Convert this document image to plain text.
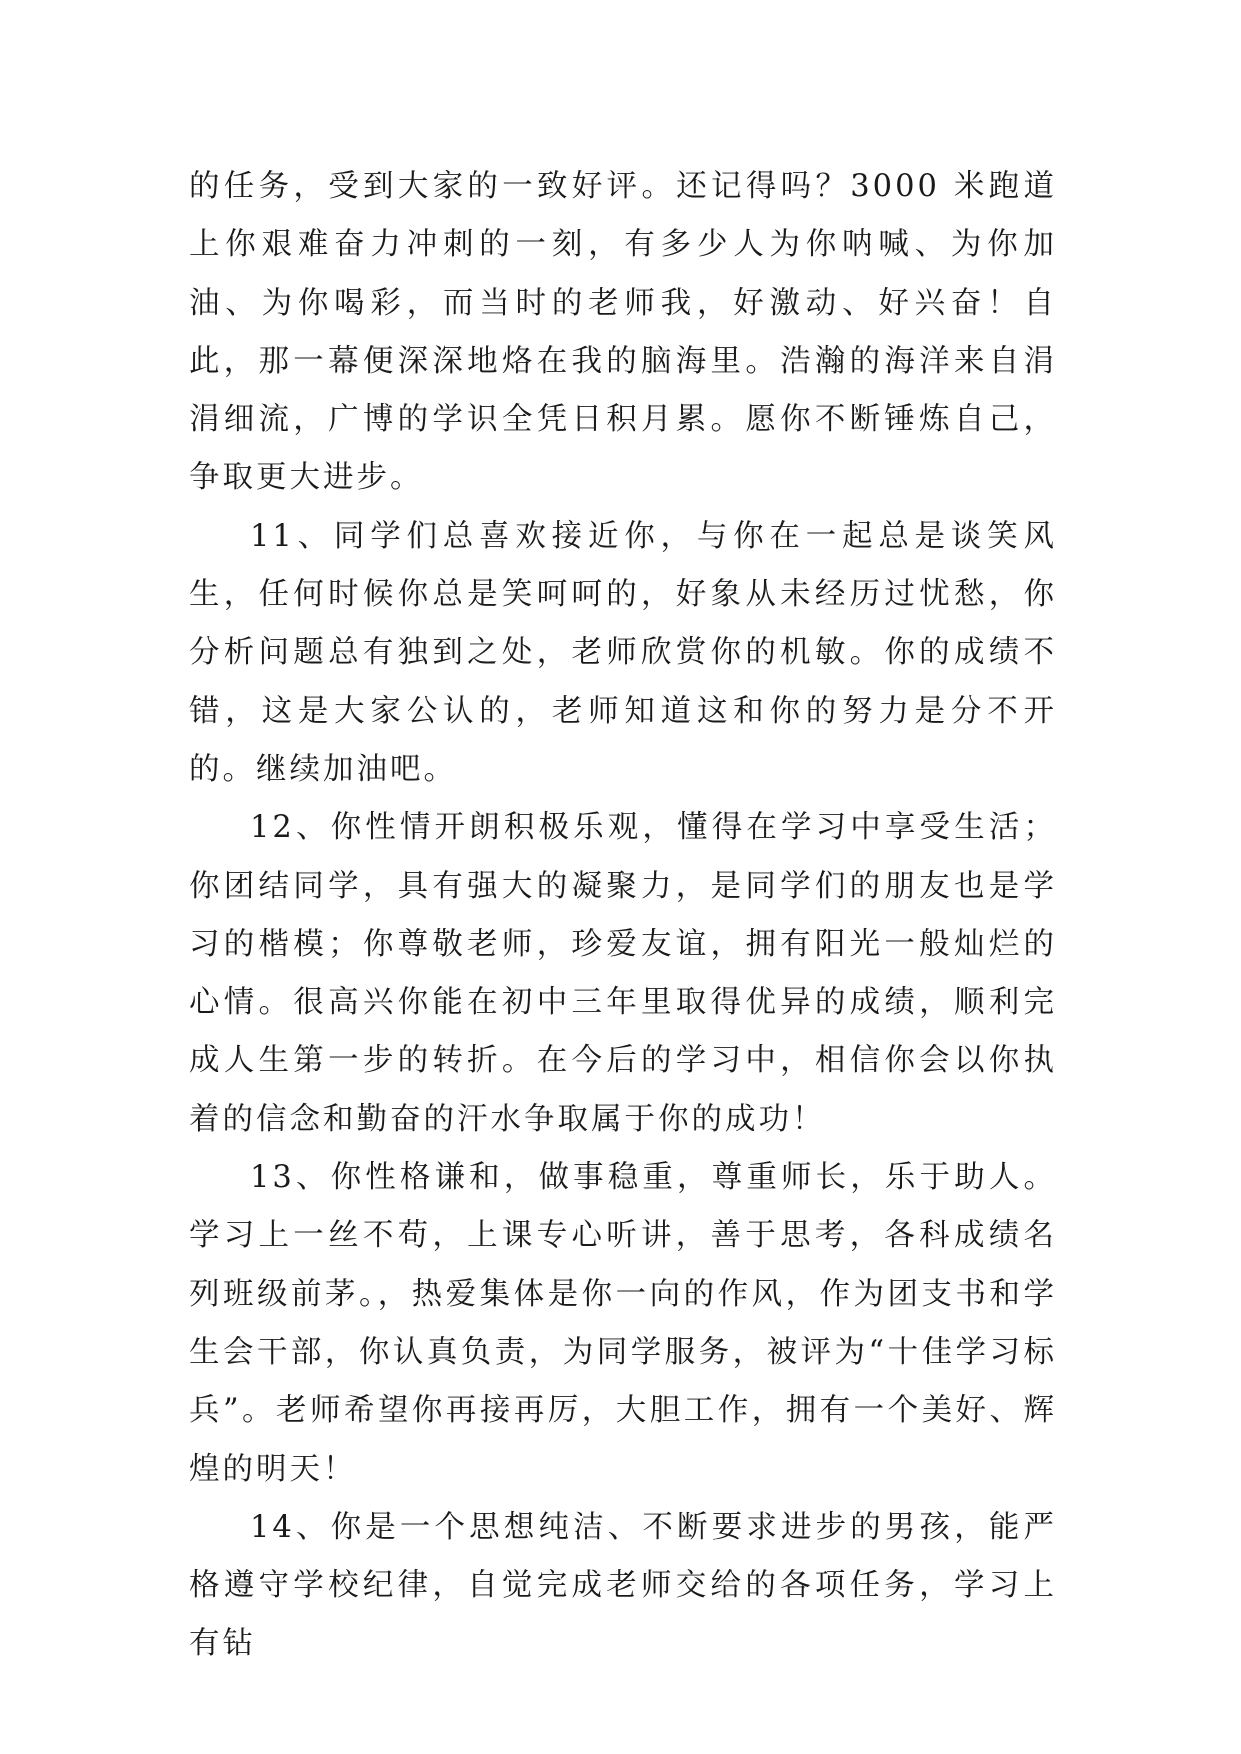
的任务，受到大家的一致好评。还记得吗？3000 米跑道上你艰难奋力冲刺的一刻，有多少人为你呐喊、为你加油、为你喝彩，而当时的老师我，好激动、好兴奋！自此，那一幕便深深地烙在我的脑海里。浩瀚的海洋来自涓涓细流，广博的学识全凭日积月累。愿你不断锤炼自己，争取更大进步。

11、同学们总喜欢接近你，与你在一起总是谈笑风生，任何时候你总是笑呵呵的，好象从未经历过忧愁，你分析问题总有独到之处，老师欣赏你的机敏。你的成绩不错，这是大家公认的，老师知道这和你的努力是分不开的。继续加油吧。

12、你性情开朗积极乐观，懂得在学习中享受生活；你团结同学，具有强大的凝聚力，是同学们的朋友也是学习的楷模；你尊敬老师，珍爱友谊，拥有阳光一般灿烂的心情。很高兴你能在初中三年里取得优异的成绩，顺利完成人生第一步的转折。在今后的学习中，相信你会以你执着的信念和勤奋的汗水争取属于你的成功！

13、你性格谦和，做事稳重，尊重师长，乐于助人。学习上一丝不苟，上课专心听讲，善于思考，各科成绩名列班级前茅。，热爱集体是你一向的作风，作为团支书和学生会干部，你认真负责，为同学服务，被评为“十佳学习标兵”。老师希望你再接再厉，大胆工作，拥有一个美好、辉煌的明天！

14、你是一个思想纯洁、不断要求进步的男孩，能严格遵守学校纪律，自觉完成老师交给的各项任务，学习上有钻
